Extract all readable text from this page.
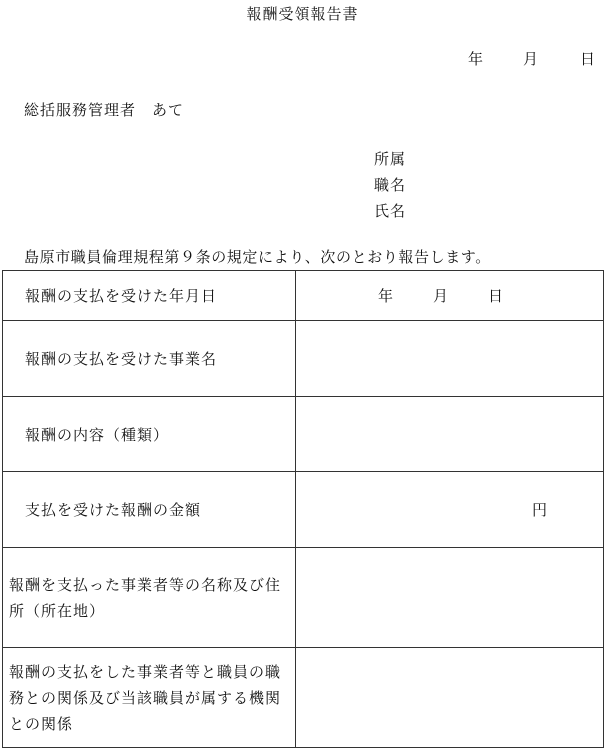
報酬受領報告書
年	月	日
総括服務管理者　あて
所属
職名
氏名
島原市職員倫理規程第９条の規定により、次のとおり報告します。
報酬の支払を受けた年月日	年 月 日

報酬の支払を受けた事業名	

報酬の内容（種類）	

支払を受けた報酬の金額	円

報酬を支払った事業者等の名称及び住所（所在地）	

報酬の支払をした事業者等と職員の職務との関係及び当該職員が属する機関との関係	
